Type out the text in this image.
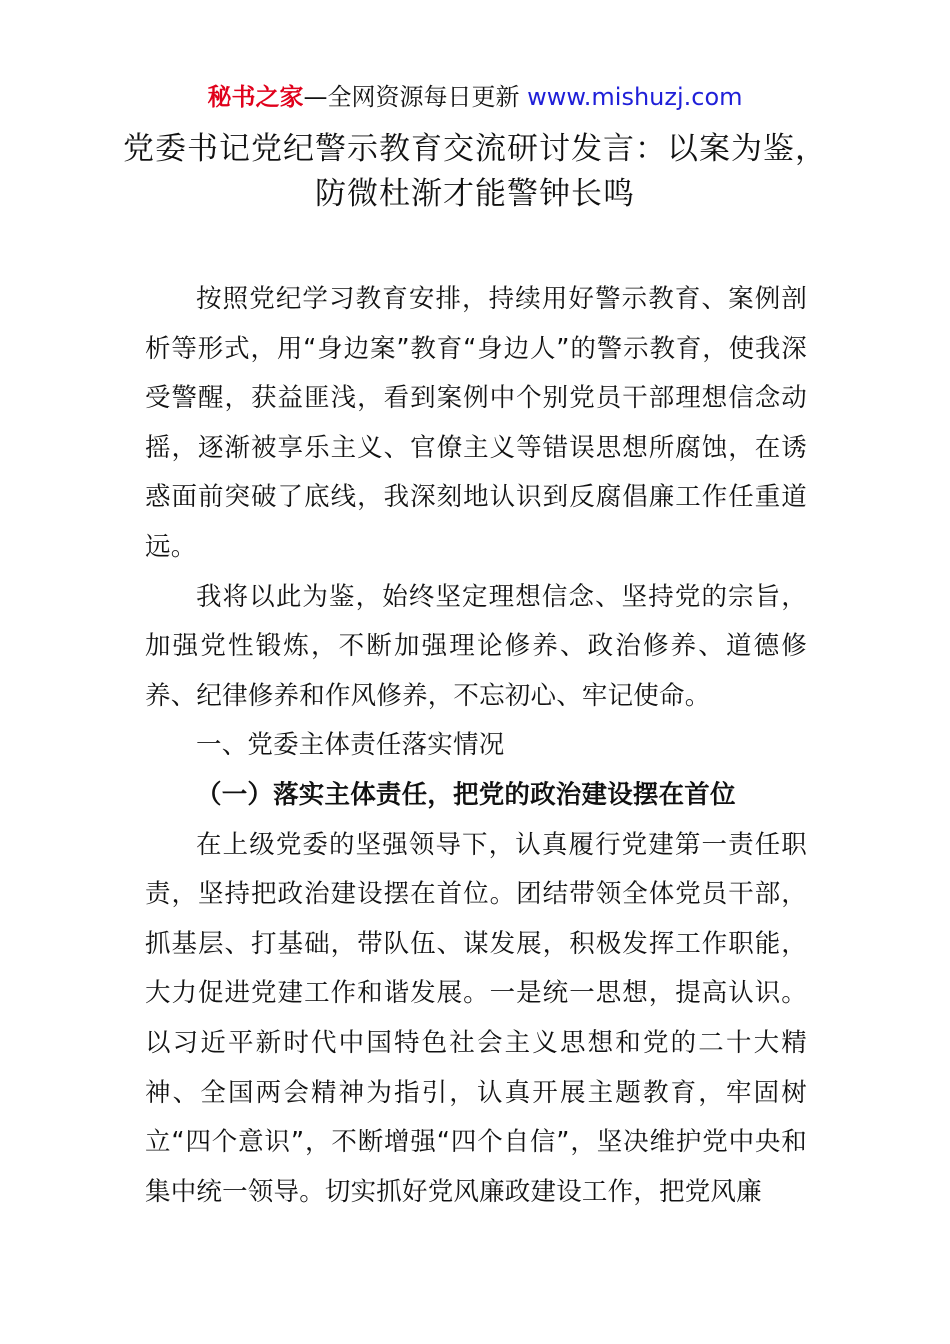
秘书之家—全网资源每日更新 www.mishuzj.com
党委书记党纪警示教育交流研讨发言：以案为鉴，防微杜渐才能警钟长鸣

按照党纪学习教育安排，持续用好警示教育、案例剖析等形式，用“身边案”教育“身边人”的警示教育，使我深受警醒，获益匪浅，看到案例中个别党员干部理想信念动摇，逐渐被享乐主义、官僚主义等错误思想所腐蚀，在诱惑面前突破了底线，我深刻地认识到反腐倡廉工作任重道远。

我将以此为鉴，始终坚定理想信念、坚持党的宗旨，加强党性锻炼，不断加强理论修养、政治修养、道德修养、纪律修养和作风修养，不忘初心、牢记使命。

一、党委主体责任落实情况

（一）落实主体责任，把党的政治建设摆在首位

在上级党委的坚强领导下，认真履行党建第一责任职责，坚持把政治建设摆在首位。团结带领全体党员干部，抓基层、打基础，带队伍、谋发展，积极发挥工作职能，大力促进党建工作和谐发展。一是统一思想，提高认识。以习近平新时代中国特色社会主义思想和党的二十大精神、全国两会精神为指引，认真开展主题教育，牢固树立“四个意识”，不断增强“四个自信”，坚决维护党中央和集中统一领导。切实抓好党风廉政建设工作，把党风廉
